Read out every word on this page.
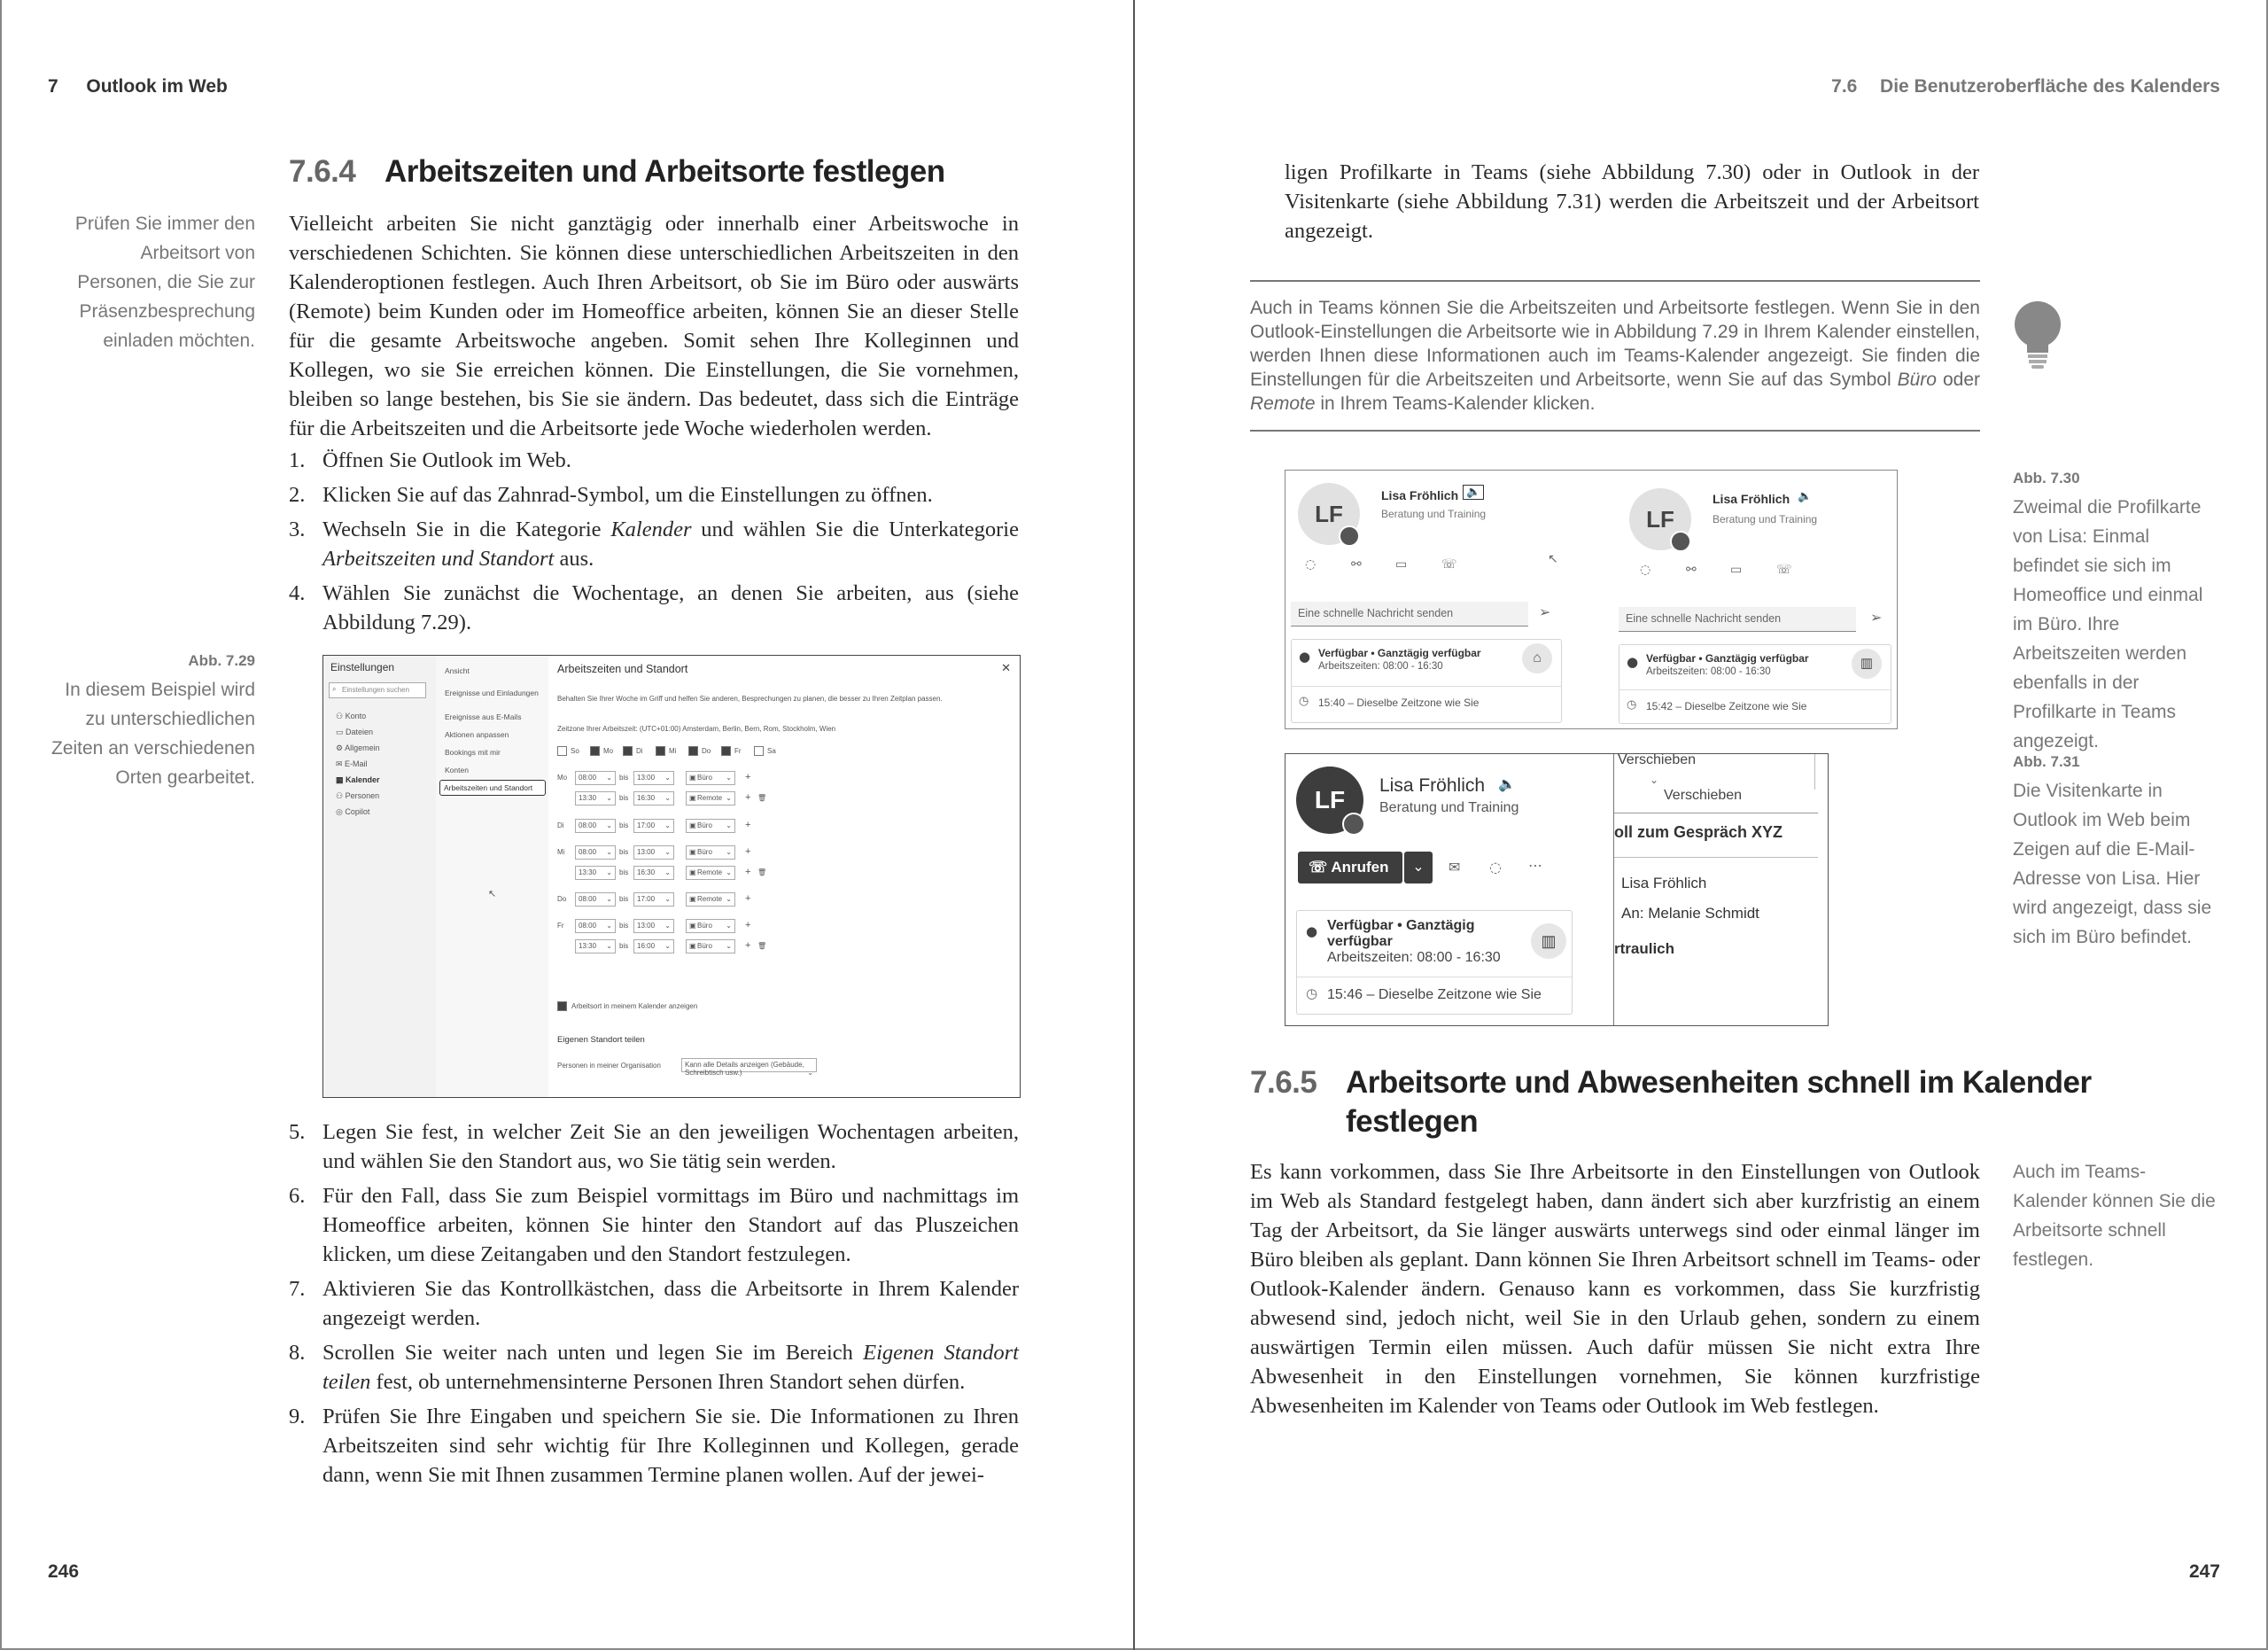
7 Outlook im Web
7.6.4 Arbeitszeiten und Arbeitsorte festlegen
Prüfen Sie immer den Arbeitsort von Personen, die Sie zur Präsenzbesprechung einladen möchten.
Vielleicht arbeiten Sie nicht ganztägig oder innerhalb einer Arbeitswoche in verschiedenen Schichten. Sie können diese unterschiedlichen Arbeitszeiten in den Kalenderoptionen festlegen. Auch Ihren Arbeitsort, ob Sie im Büro oder auswärts (Remote) beim Kunden oder im Homeoffice arbeiten, können Sie an dieser Stelle für die gesamte Arbeitswoche angeben. Somit sehen Ihre Kolleginnen und Kollegen, wo sie Sie erreichen können. Die Einstellungen, die Sie vornehmen, bleiben so lange bestehen, bis Sie sie ändern. Das bedeutet, dass sich die Einträge für die Arbeitszeiten und die Arbeitsorte jede Woche wiederholen werden.
1. Öffnen Sie Outlook im Web.
2. Klicken Sie auf das Zahnrad-Symbol, um die Einstellungen zu öffnen.
3. Wechseln Sie in die Kategorie Kalender und wählen Sie die Unterkategorie Arbeitszeiten und Standort aus.
4. Wählen Sie zunächst die Wochentage, an denen Sie arbeiten, aus (siehe Abbildung 7.29).
Abb. 7.29
In diesem Beispiel wird zu unterschiedlichen Zeiten an verschiedenen Orten gearbeitet.
Einstellungen
⌕ Einstellungen suchen
⚇ Konto
▭ Dateien
⚙ Allgemein
✉ E-Mail
▦ Kalender
⚇ Personen
◎ Copilot
Ansicht
Ereignisse und Einladungen
Ereignisse aus E-Mails
Aktionen anpassen
Bookings mit mir
Konten
Arbeitszeiten und Standort
↖
Arbeitszeiten und Standort	✕
Behalten Sie Ihrer Woche im Griff und helfen Sie anderen, Besprechungen zu planen, die besser zu Ihren Zeitplan passen.
Zeitzone Ihrer Arbeitszeit: (UTC+01:00) Amsterdam, Berlin, Bern, Rom, Stockholm, Wien
So	Mo	Di	Mi	Do	Fr	Sa
Mo	08:00 ⌄ bis	13:00 ⌄	Büro ⌄
▣	+
13:30 ⌄ bis	16:30 ⌄	Remote ⌄
▣	+ 🗑
Di	08:00 ⌄ bis	17:00 ⌄	Büro ⌄
▣	+
Mi	08:00 ⌄ bis	13:00 ⌄	Büro ⌄
▣	+
13:30 ⌄ bis	16:30 ⌄	Remote ⌄
▣	+ 🗑
Do	08:00 ⌄ bis	17:00 ⌄	Remote ⌄
▣	+
Fr	08:00 ⌄ bis	13:00 ⌄	Büro ⌄
▣	+
13:30 ⌄ bis	16:00 ⌄	Büro ⌄
▣	+ 🗑
Arbeitsort in meinem Kalender anzeigen
Eigenen Standort teilen
Personen in meiner Organisation	Kann alle Details anzeigen (Gebäude, Schreibtisch usw.)	⌄
5. Legen Sie fest, in welcher Zeit Sie an den jeweiligen Wochentagen arbeiten, und wählen Sie den Standort aus, wo Sie tätig sein werden.
6. Für den Fall, dass Sie zum Beispiel vormittags im Büro und nachmittags im Homeoffice arbeiten, können Sie hinter den Standort auf das Pluszeichen klicken, um diese Zeitangaben und den Standort festzulegen.
7. Aktivieren Sie das Kontrollkästchen, dass die Arbeitsorte in Ihrem Kalender angezeigt werden.
8. Scrollen Sie weiter nach unten und legen Sie im Bereich Eigenen Standort teilen fest, ob unternehmensinterne Personen Ihren Standort sehen dürfen.
9. Prüfen Sie Ihre Eingaben und speichern Sie sie. Die Informationen zu Ihren Arbeitszeiten sind sehr wichtig für Ihre Kolleginnen und Kollegen, gerade dann, wenn Sie mit Ihnen zusammen Termine planen wollen. Auf der jewei-
246
7.6 Die Benutzeroberfläche des Kalenders
ligen Profilkarte in Teams (siehe Abbildung 7.30) oder in Outlook in der Visitenkarte (siehe Abbildung 7.31) werden die Arbeitszeit und der Arbeitsort angezeigt.
Auch in Teams können Sie die Arbeitszeiten und Arbeitsorte festlegen. Wenn Sie in den Outlook-Einstellungen die Arbeitsorte wie in Abbildung 7.29 in Ihrem Kalender einstellen, werden Ihnen diese Informationen auch im Teams-Kalender angezeigt. Sie finden die Einstellungen für die Arbeitszeiten und Arbeitsorte, wenn Sie auf das Symbol Büro oder Remote in Ihrem Teams-Kalender klicken.
LF
Lisa Fröhlich 🔈
Beratung und Training
◌	⚯	▭	☏	↖
Eine schnelle Nachricht senden	➢
● Verfügbar • Ganztägig verfügbar
Arbeitszeiten: 08:00 - 16:30
⌂
◷ 15:40 – Dieselbe Zeitzone wie Sie
LF
Lisa Fröhlich 🔈
Beratung und Training
◌	⚯	▭	☏
Eine schnelle Nachricht senden	➢
● Verfügbar • Ganztägig verfügbar
Arbeitszeiten: 08:00 - 16:30
▥
◷ 15:42 – Dieselbe Zeitzone wie Sie
Abb. 7.30
Zweimal die Profilkarte von Lisa: Einmal befindet sie sich im Homeoffice und einmal im Büro. Ihre Arbeitszeiten werden ebenfalls in der Profilkarte in Teams angezeigt.
Verschieben
⌄
Verschieben
oll zum Gespräch XYZ
Lisa Fröhlich
An: Melanie Schmidt
rtraulich
LF
Lisa Fröhlich 🔈
Beratung und Training
☏ Anrufen	⌄	✉ ◌ ⋯
● Verfügbar • Ganztägig
verfügbar
Arbeitszeiten: 08:00 - 16:30
▥
◷ 15:46 – Dieselbe Zeitzone wie Sie
Abb. 7.31
Die Visitenkarte in Outlook im Web beim Zeigen auf die E-Mail-Adresse von Lisa. Hier wird angezeigt, dass sie sich im Büro befindet.
7.6.5 Arbeitsorte und Abwesenheiten schnell im Kalender
festlegen
Es kann vorkommen, dass Sie Ihre Arbeitsorte in den Einstellungen von Outlook im Web als Standard festgelegt haben, dann ändert sich aber kurzfristig an einem Tag der Arbeitsort, da Sie länger auswärts unterwegs sind oder einmal länger im Büro bleiben als geplant. Dann können Sie Ihren Arbeitsort schnell im Teams- oder Outlook-Kalender ändern. Genauso kann es vorkommen, dass Sie kurzfristig abwesend sind, jedoch nicht, weil Sie in den Urlaub gehen, sondern zu einem auswärtigen Termin eilen müssen. Auch dafür müssen Sie nicht extra Ihre Abwesenheit in den Einstellungen vornehmen, Sie können kurzfristige Abwesenheiten im Kalender von Teams oder Outlook im Web festlegen.
Auch im Teams-Kalender können Sie die Arbeitsorte schnell festlegen.
247
